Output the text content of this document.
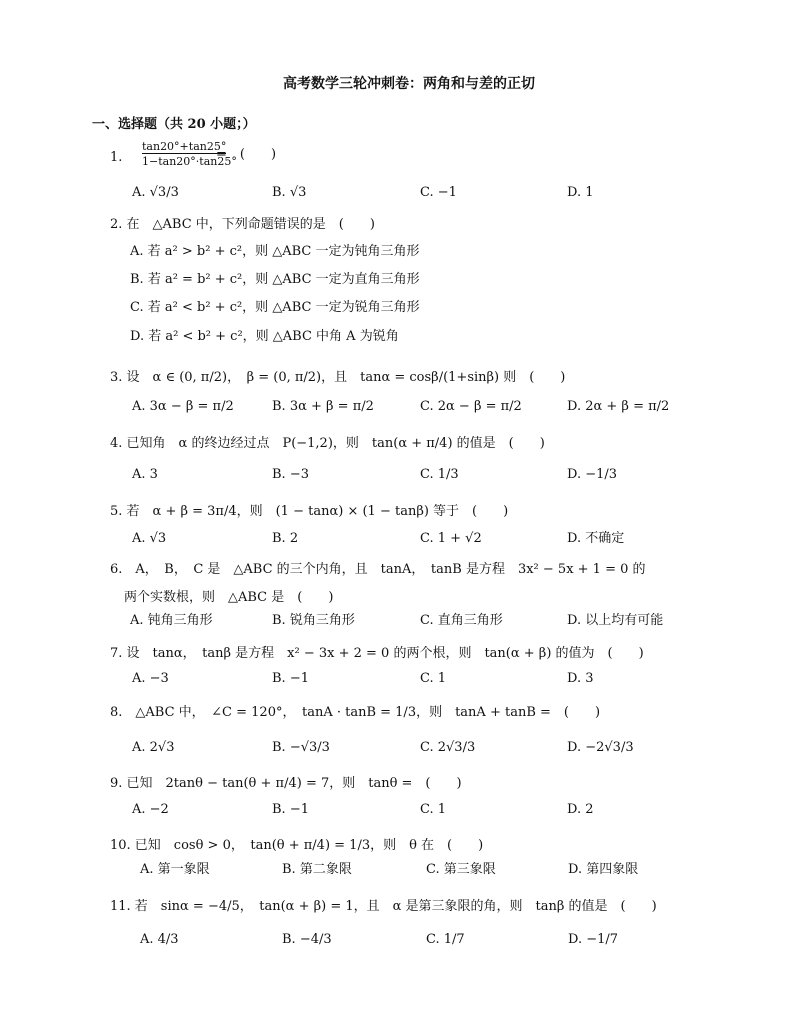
高考数学三轮冲刺卷：两角和与差的正切
一、选择题（共 20 小题；）
1.
tan20°+tan25°
1−tan20°·tan25°
=　(　　)
A. √3/3	B. √3	C. −1	D. 1
2. 在　△ABC 中，下列命题错误的是　(　　)
A. 若 a² > b² + c²，则 △ABC 一定为钝角三角形
B. 若 a² = b² + c²，则 △ABC 一定为直角三角形
C. 若 a² < b² + c²，则 △ABC 一定为锐角三角形
D. 若 a² < b² + c²，则 △ABC 中角 A 为锐角
3. 设　α ∈ (0, π/2)，　β = (0, π/2)，且　tanα = cosβ/(1+sinβ) 则　(　　)
A. 3α − β = π/2	B. 3α + β = π/2	C. 2α − β = π/2	D. 2α + β = π/2
4. 已知角　α 的终边经过点　P(−1,2)，则　tan(α + π/4) 的值是　(　　)
A. 3	B. −3	C. 1/3	D. −1/3
5. 若　α + β = 3π/4，则　(1 − tanα) × (1 − tanβ) 等于　(　　)
A. √3	B. 2	C. 1 + √2	D. 不确定
6.　A，　B，　C 是　△ABC 的三个内角，且　tanA，　tanB 是方程　3x² − 5x + 1 = 0 的
两个实数根，则　△ABC 是　(　　)
A. 钝角三角形	B. 锐角三角形	C. 直角三角形	D. 以上均有可能
7. 设　tanα，　tanβ 是方程　x² − 3x + 2 = 0 的两个根，则　tan(α + β) 的值为　(　　)
A. −3	B. −1	C. 1	D. 3
8.　△ABC 中，　∠C = 120°，　tanA · tanB = 1/3，则　tanA + tanB =　(　　)
A. 2√3	B. −√3/3	C. 2√3/3	D. −2√3/3
9. 已知　2tanθ − tan(θ + π/4) = 7，则　tanθ =　(　　)
A. −2	B. −1	C. 1	D. 2
10. 已知　cosθ > 0，　tan(θ + π/4) = 1/3，则　θ 在　(　　)
A. 第一象限	B. 第二象限	C. 第三象限	D. 第四象限
11. 若　sinα = −4/5，　tan(α + β) = 1，且　α 是第三象限的角，则　tanβ 的值是　(　　)
A. 4/3	B. −4/3	C. 1/7	D. −1/7
